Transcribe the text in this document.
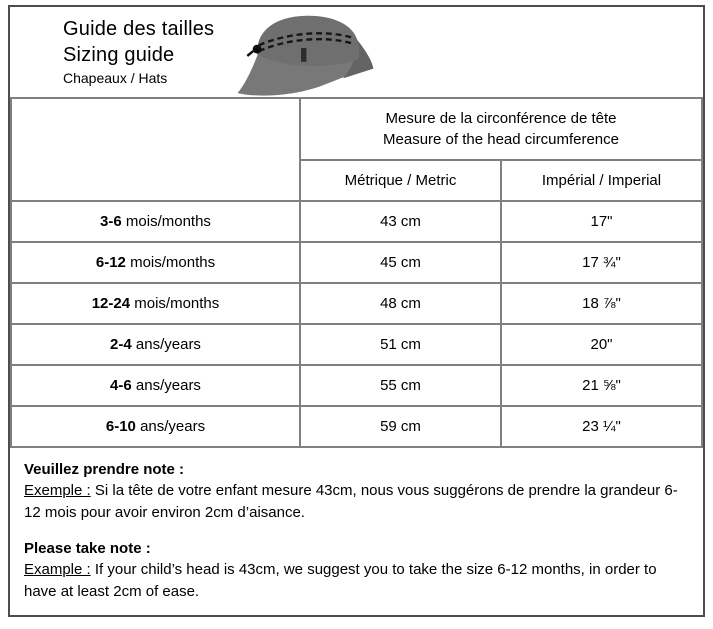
Guide des tailles
Sizing guide
Chapeaux / Hats

	Mesure de la circonférence de tête
Measure of the head circumference	

	Métrique / Metric	Impérial / Imperial
3-6 mois/months	43 cm	17"
6-12 mois/months	45 cm	17 ¾"
12-24 mois/months	48 cm	18 ⅞"
2-4 ans/years	51 cm	20"
4-6 ans/years	55 cm	21 ⅝"
6-10 ans/years	59 cm	23 ¼"

Veuillez prendre note :

Exemple : Si la tête de votre enfant mesure 43cm, nous vous suggérons de prendre la grandeur 6-12 mois pour avoir environ 2cm d’aisance.

Please take note :

Example : If your child’s head is 43cm, we suggest you to take the size 6-12 months, in order to have at least 2cm of ease.
